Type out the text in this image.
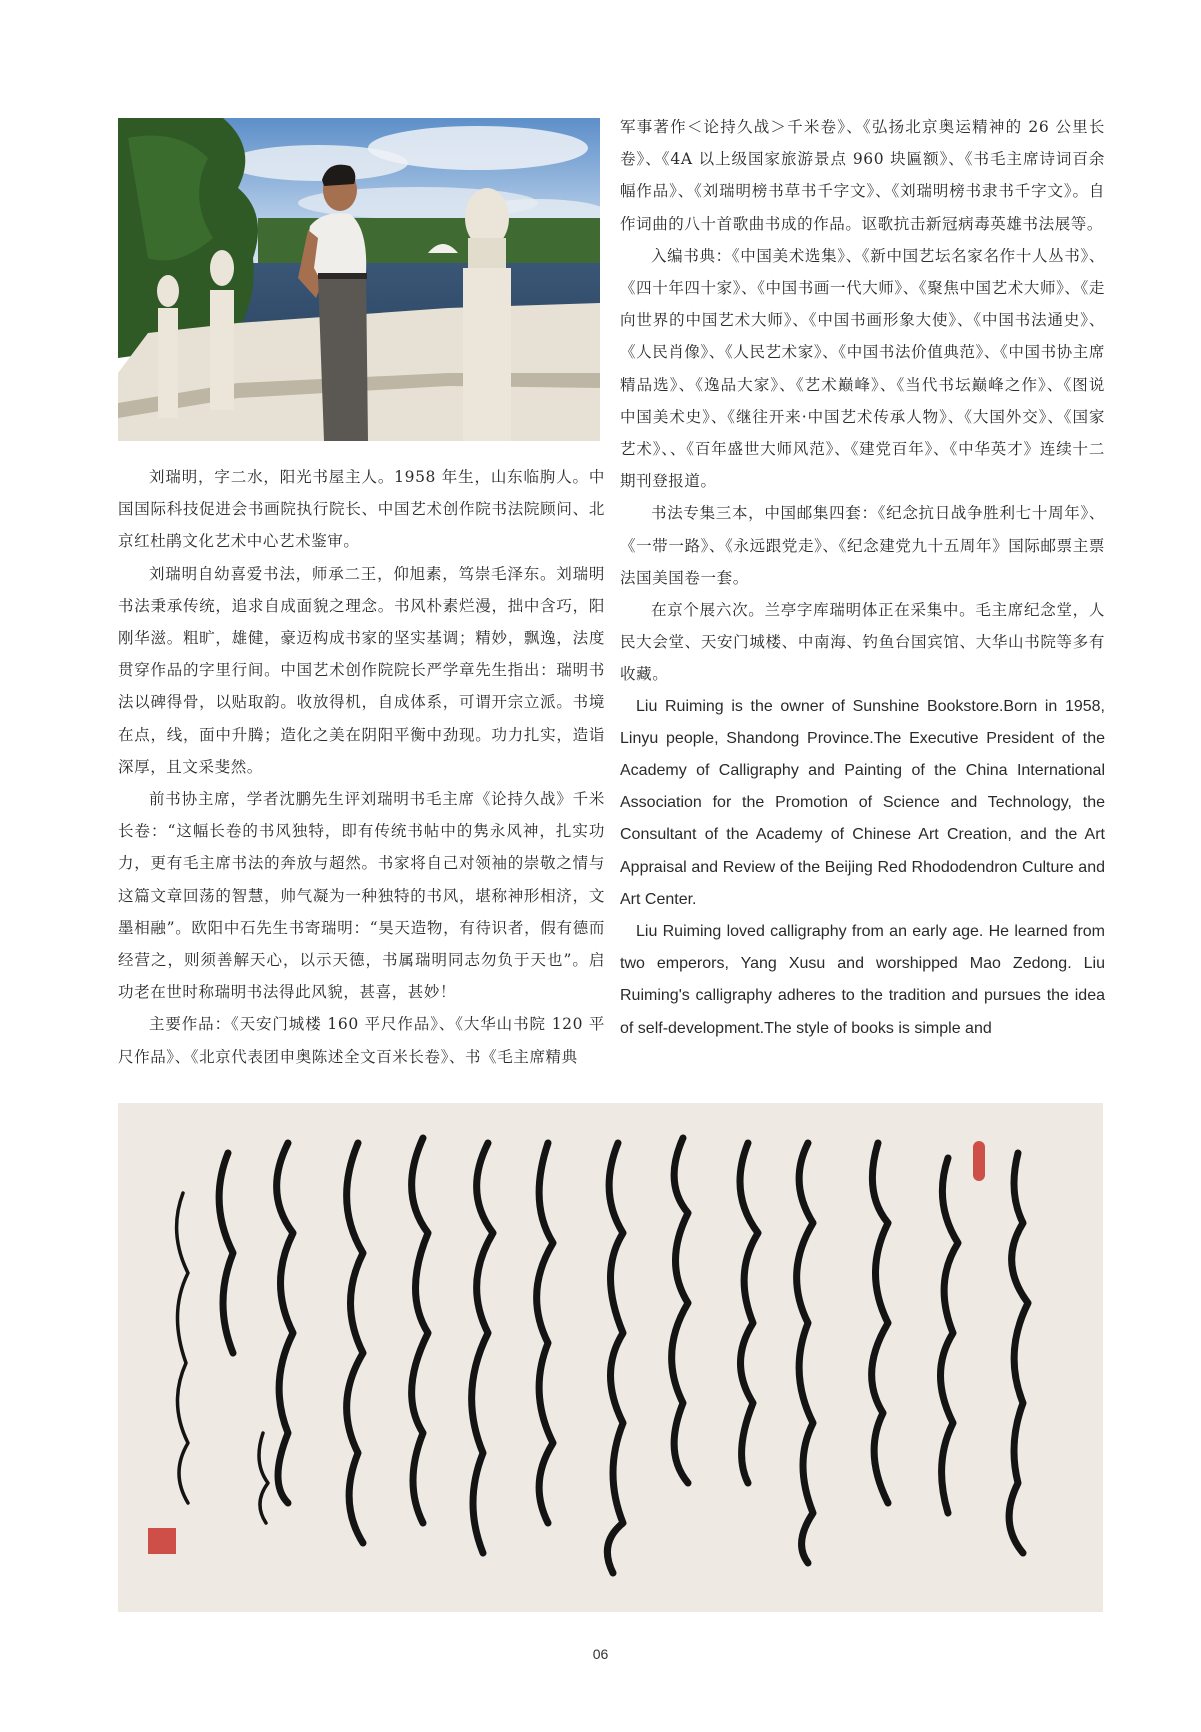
刘瑞明，字二水，阳光书屋主人。1958 年生，山东临朐人。中国国际科技促进会书画院执行院长、中国艺术创作院书法院顾问、北京红杜鹃文化艺术中心艺术鉴审。

刘瑞明自幼喜爱书法，师承二王，仰旭素，笃崇毛泽东。刘瑞明书法秉承传统，追求自成面貌之理念。书风朴素烂漫，拙中含巧，阳刚华滋。粗旷，雄健，豪迈构成书家的坚实基调；精妙，飘逸，法度贯穿作品的字里行间。中国艺术创作院院长严学章先生指出：瑞明书法以碑得骨，以贴取韵。收放得机，自成体系，可谓开宗立派。书境在点，线，面中升腾；造化之美在阴阳平衡中劲现。功力扎实，造诣深厚，且文采斐然。

前书协主席，学者沈鹏先生评刘瑞明书毛主席《论持久战》千米长卷：“这幅长卷的书风独特，即有传统书帖中的隽永风神，扎实功力，更有毛主席书法的奔放与超然。书家将自己对领袖的崇敬之情与这篇文章回荡的智慧，帅气凝为一种独特的书风，堪称神形相济，文墨相融”。欧阳中石先生书寄瑞明：“昊天造物，有待识者，假有德而经营之，则须善解天心，以示天德，书属瑞明同志勿负于天也”。启功老在世时称瑞明书法得此风貌，甚喜，甚妙！

主要作品：《天安门城楼 160 平尺作品》、《大华山书院 120 平尺作品》、《北京代表团申奥陈述全文百米长卷》、书《毛主席精典

军事著作＜论持久战＞千米卷》、《弘扬北京奥运精神的 26 公里长卷》、《4A 以上级国家旅游景点 960 块匾额》、《书毛主席诗词百余幅作品》、《刘瑞明榜书草书千字文》、《刘瑞明榜书隶书千字文》。自作词曲的八十首歌曲书成的作品。讴歌抗击新冠病毒英雄书法展等。

入编书典：《中国美术选集》、《新中国艺坛名家名作十人丛书》、《四十年四十家》、《中国书画一代大师》、《聚焦中国艺术大师》、《走向世界的中国艺术大师》、《中国书画形象大使》、《中国书法通史》、《人民肖像》、《人民艺术家》、《中国书法价值典范》、《中国书协主席精品选》、《逸品大家》、《艺术巅峰》、《当代书坛巅峰之作》、《图说中国美术史》、《继往开来·中国艺术传承人物》、《大国外交》、《国家艺术》、、《百年盛世大师风范》、《建党百年》、《中华英才》连续十二期刊登报道。

书法专集三本，中国邮集四套：《纪念抗日战争胜利七十周年》、《一带一路》、《永远跟党走》、《纪念建党九十五周年》国际邮票主票法国美国卷一套。

在京个展六次。兰亭字库瑞明体正在采集中。毛主席纪念堂，人民大会堂、天安门城楼、中南海、钓鱼台国宾馆、大华山书院等多有收藏。

Liu Ruiming is the owner of Sunshine Bookstore.Born in 1958, Linyu people, Shandong Province.The Executive President of the Academy of Calligraphy and Painting of the China International Association for the Promotion of Science and Technology, the Consultant of the Academy of Chinese Art Creation, and the Art Appraisal and Review of the Beijing Red Rhododendron Culture and Art Center.

Liu Ruiming loved calligraphy from an early age. He learned from two emperors, Yang Xusu and worshipped Mao Zedong. Liu Ruiming's calligraphy adheres to the tradition and pursues the idea of self-development.The style of books is simple and

06
